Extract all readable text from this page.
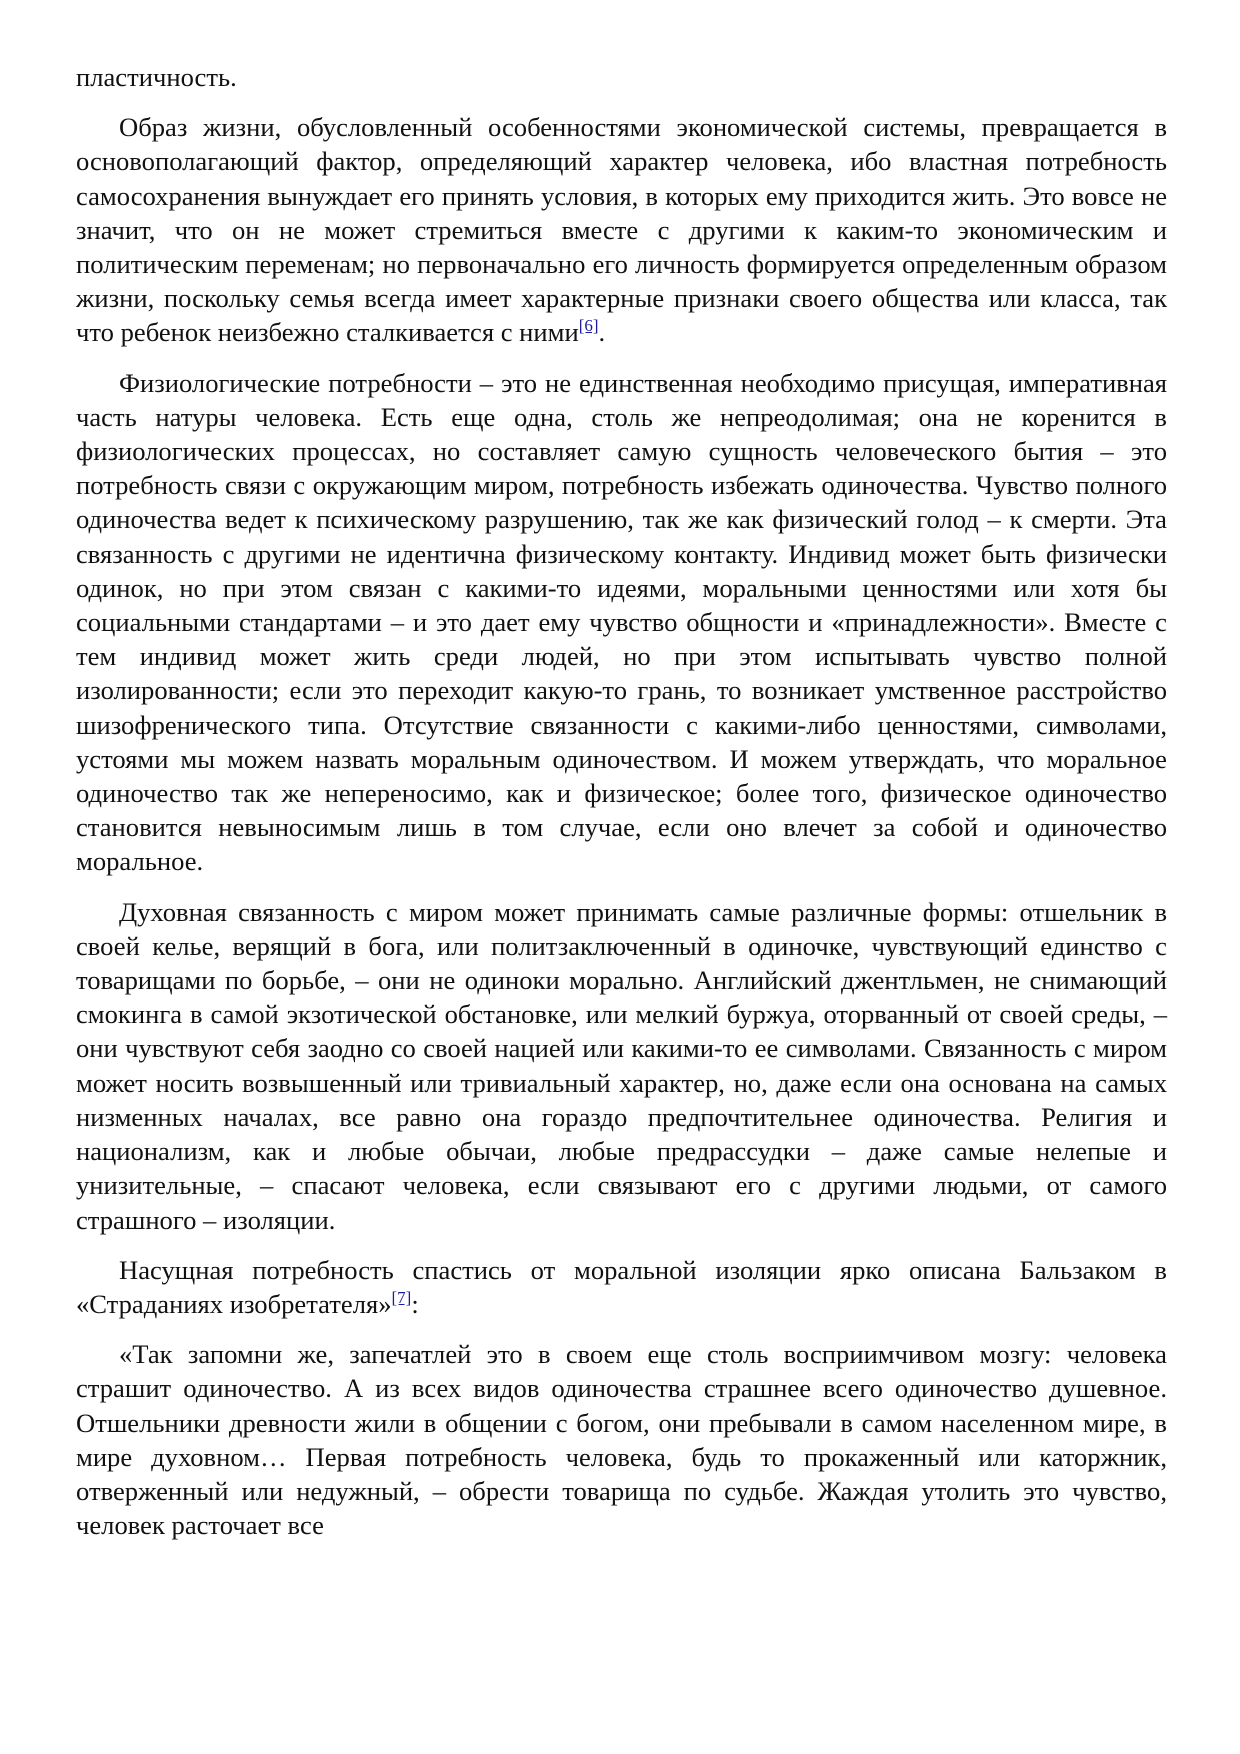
пластичность.

Образ жизни, обусловленный особенностями экономической системы, превращается в основополагающий фактор, определяющий характер человека, ибо властная потребность самосохранения вынуждает его принять условия, в которых ему приходится жить. Это вовсе не значит, что он не может стремиться вместе с другими к каким-то экономическим и политическим переменам; но первоначально его личность формируется определенным образом жизни, поскольку семья всегда имеет характерные признаки своего общества или класса, так что ребенок неизбежно сталкивается с ними[6].

Физиологические потребности – это не единственная необходимо присущая, императивная часть натуры человека. Есть еще одна, столь же непреодолимая; она не коренится в физиологических процессах, но составляет самую сущность человеческого бытия – это потребность связи с окружающим миром, потребность избежать одиночества. Чувство полного одиночества ведет к психическому разрушению, так же как физический голод – к смерти. Эта связанность с другими не идентична физическому контакту. Индивид может быть физически одинок, но при этом связан с какими-то идеями, моральными ценностями или хотя бы социальными стандартами – и это дает ему чувство общности и «принадлежности». Вместе с тем индивид может жить среди людей, но при этом испытывать чувство полной изолированности; если это переходит какую-то грань, то возникает умственное расстройство шизофренического типа. Отсутствие связанности с какими-либо ценностями, символами, устоями мы можем назвать моральным одиночеством. И можем утверждать, что моральное одиночество так же непереносимо, как и физическое; более того, физическое одиночество становится невыносимым лишь в том случае, если оно влечет за собой и одиночество моральное.

Духовная связанность с миром может принимать самые различные формы: отшельник в своей келье, верящий в бога, или политзаключенный в одиночке, чувствующий единство с товарищами по борьбе, – они не одиноки морально. Английский джентльмен, не снимающий смокинга в самой экзотической обстановке, или мелкий буржуа, оторванный от своей среды, – они чувствуют себя заодно со своей нацией или какими-то ее символами. Связанность с миром может носить возвышенный или тривиальный характер, но, даже если она основана на самых низменных началах, все равно она гораздо предпочтительнее одиночества. Религия и национализм, как и любые обычаи, любые предрассудки – даже самые нелепые и унизительные, – спасают человека, если связывают его с другими людьми, от самого страшного – изоляции.

Насущная потребность спастись от моральной изоляции ярко описана Бальзаком в «Страданиях изобретателя»[7]:

«Так запомни же, запечатлей это в своем еще столь восприимчивом мозгу: человека страшит одиночество. А из всех видов одиночества страшнее всего одиночество душевное. Отшельники древности жили в общении с богом, они пребывали в самом населенном мире, в мире духовном… Первая потребность человека, будь то прокаженный или каторжник, отверженный или недужный, – обрести товарища по судьбе. Жаждая утолить это чувство, человек расточает все
